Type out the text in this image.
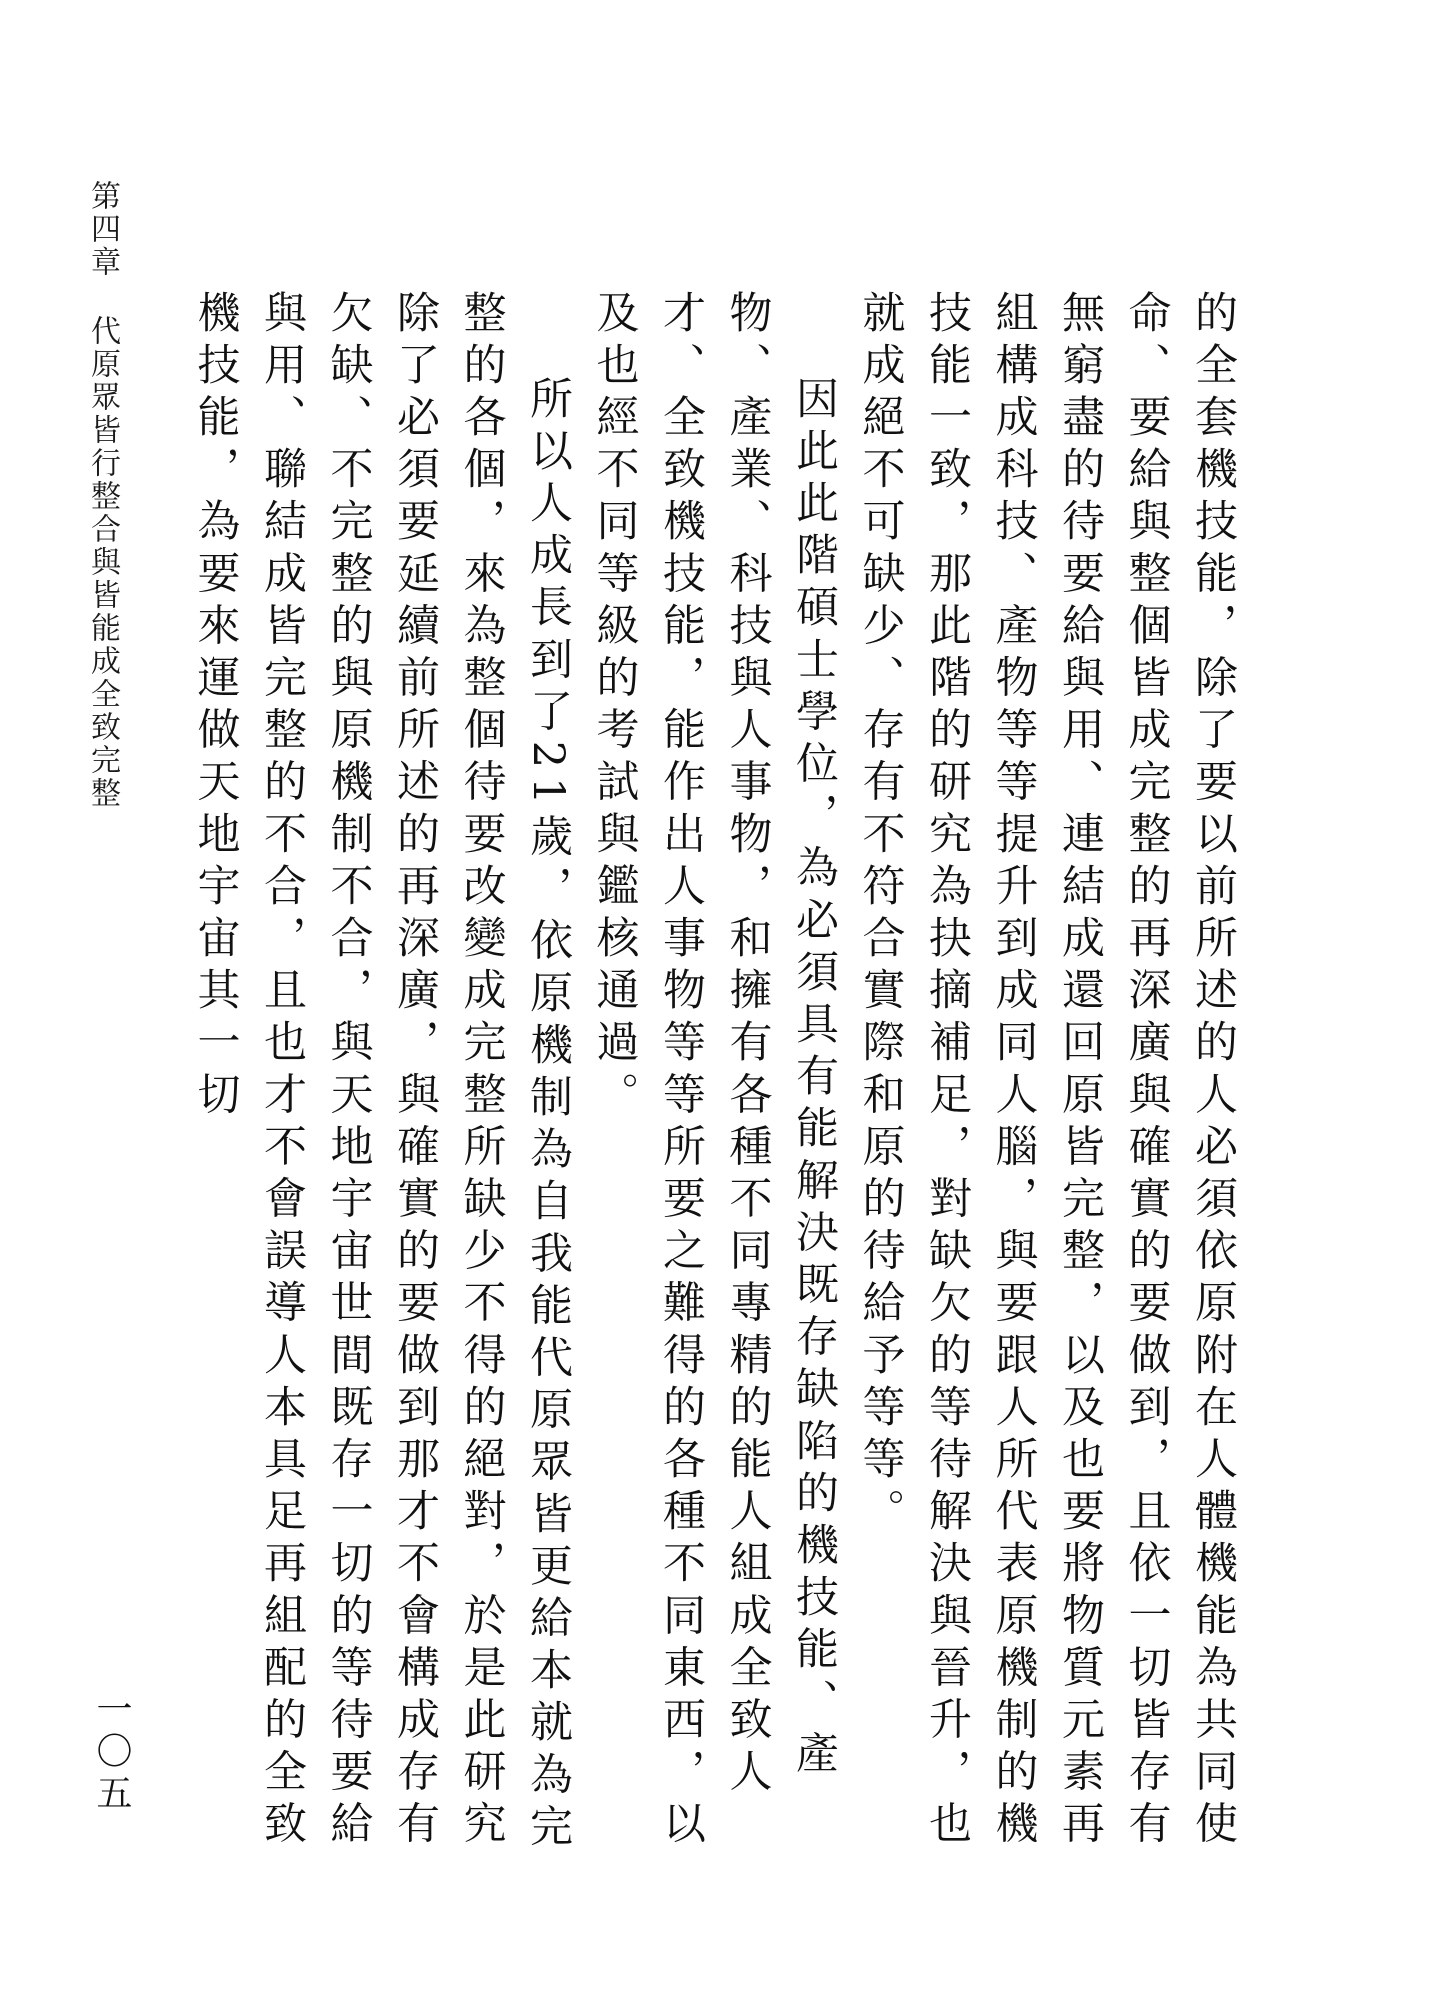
第四章代原眾皆行整合與皆能成全致完整
一〇五	的全套機技能，除了要以前所述的人必須依原附在人體機能為共同使命、要給與整個皆成完整的再深廣與確實的要做到，且依一切皆存有無窮盡的待要給與用、連結成還回原皆完整，以及也要將物質元素再組構成科技、產物等等提升到成同人腦，與要跟人所代表原機制的機技能一致，那此階的研究為抉摘補足，對缺欠的等待解決與晉升，也就成絕不可缺少、存有不符合實際和原的待給予等等。

因此此階碩士學位，為必須具有能解決既存缺陷的機技能、產物、產業、科技與人事物，和擁有各種不同專精的能人組成全致人才、全致機技能，能作出人事物等等所要之難得的各種不同東西，以及也經不同等級的考試與鑑核通過。

所以人成長到了21歲，依原機制為自我能代原眾皆更給本就為完整的各個，來為整個待要改變成完整所缺少不得的絕對，於是此研究除了必須要延續前所述的再深廣，與確實的要做到那才不會構成存有欠缺、不完整的與原機制不合，與天地宇宙世間既存一切的等待要給與用、聯結成皆完整的不合，且也才不會誤導人本具足再組配的全致機技能，為要來運做天地宇宙其一切
